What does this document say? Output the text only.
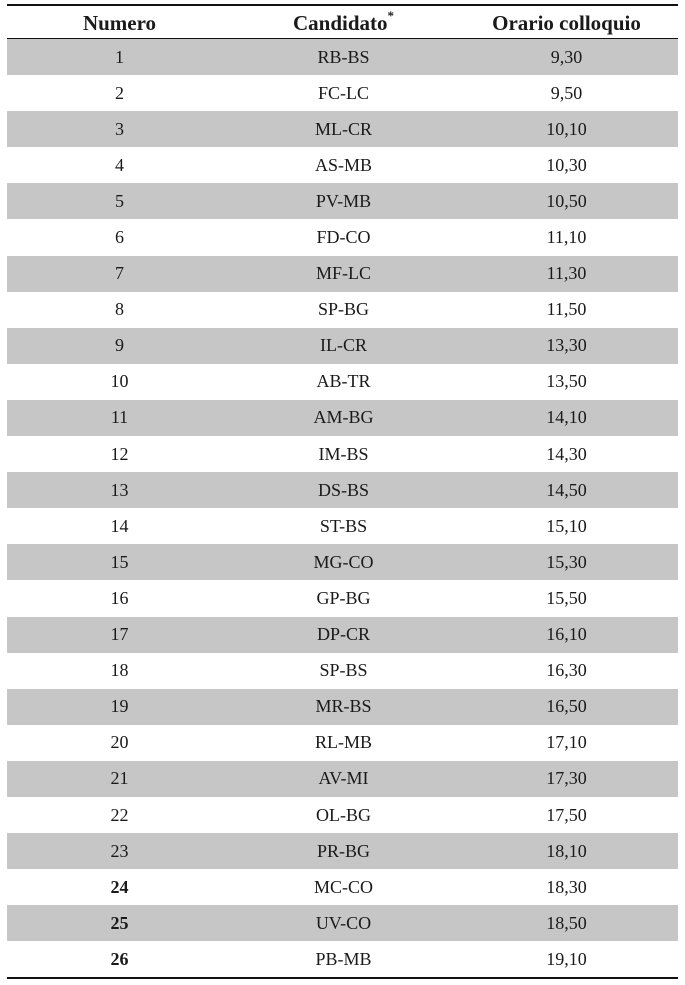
Numero	Candidato*	Orario colloquio
1	RB-BS	9,30
2	FC-LC	9,50
3	ML-CR	10,10
4	AS-MB	10,30
5	PV-MB	10,50
6	FD-CO	11,10
7	MF-LC	11,30
8	SP-BG	11,50
9	IL-CR	13,30
10	AB-TR	13,50
11	AM-BG	14,10
12	IM-BS	14,30
13	DS-BS	14,50
14	ST-BS	15,10
15	MG-CO	15,30
16	GP-BG	15,50
17	DP-CR	16,10
18	SP-BS	16,30
19	MR-BS	16,50
20	RL-MB	17,10
21	AV-MI	17,30
22	OL-BG	17,50
23	PR-BG	18,10
24	MC-CO	18,30
25	UV-CO	18,50
26	PB-MB	19,10
